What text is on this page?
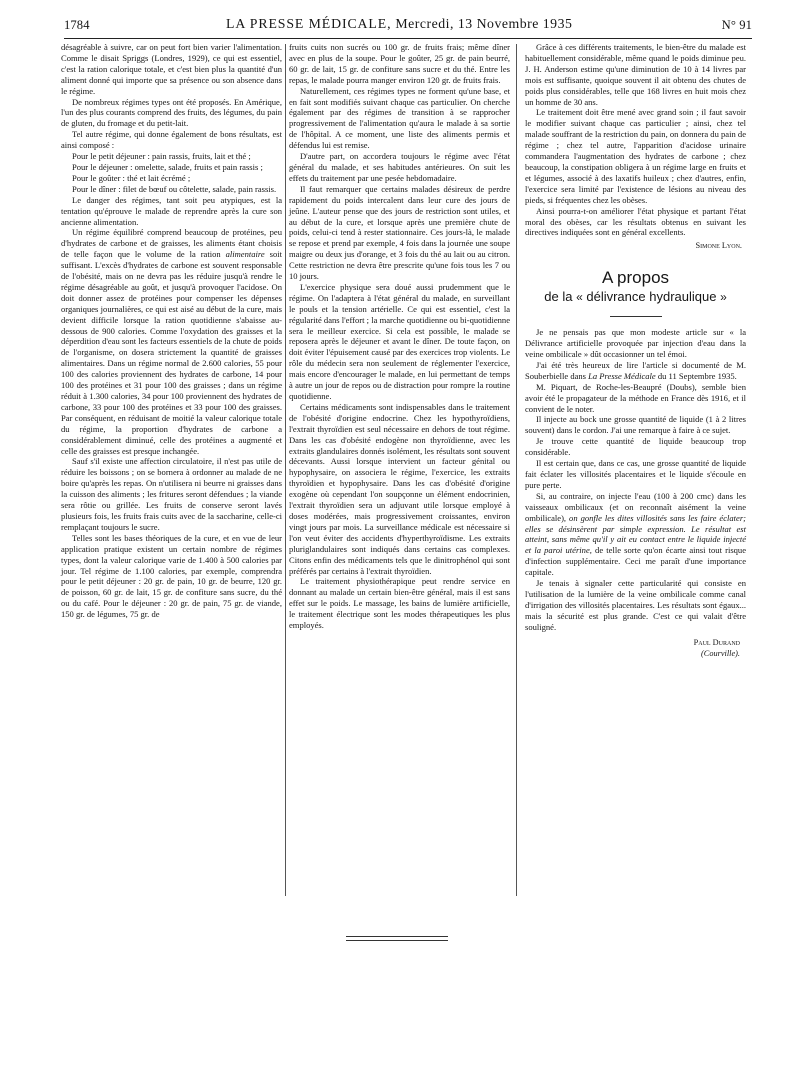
1784	LA PRESSE MÉDICALE, Mercredi, 13 Novembre 1935	N° 91

désagréable à suivre, car on peut fort bien varier l'alimentation. Comme le disait Spriggs (Londres, 1929), ce qui est essentiel, c'est la ration calorique totale, et c'est bien plus la quantité d'un aliment donné qui importe que sa présence ou son absence dans le régime.

De nombreux régimes types ont été proposés. En Amérique, l'un des plus courants comprend des fruits, des légumes, du pain de gluten, du fromage et du petit-lait.

Tel autre régime, qui donne également de bons résultats, est ainsi composé :

Pour le petit déjeuner : pain rassis, fruits, lait et thé ;

Pour le déjeuner : omelette, salade, fruits et pain rassis ;

Pour le goûter : thé et lait écrémé ;

Pour le dîner : filet de bœuf ou côtelette, salade, pain rassis.

Le danger des régimes, tant soit peu atypiques, est la tentation qu'éprouve le malade de reprendre après la cure son ancienne alimentation.

Un régime équilibré comprend beaucoup de protéines, peu d'hydrates de carbone et de graisses, les aliments étant choisis de telle façon que le volume de la ration alimentaire soit suffisant. L'excès d'hydrates de carbone est souvent responsable de l'obésité, mais on ne devra pas les réduire jusqu'à rendre le régime désagréable au goût, et jusqu'à provoquer l'acidose. On doit donner assez de protéines pour compenser les dépenses organiques journalières, ce qui est aisé au début de la cure, mais devient difficile lorsque la ration quotidienne s'abaisse au-dessous de 900 calories. Comme l'oxydation des graisses et la déperdition d'eau sont les facteurs essentiels de la chute de poids de l'organisme, on dosera strictement la quantité de graisses alimentaires. Dans un régime normal de 2.600 calories, 55 pour 100 des calories proviennent des hydrates de carbone, 14 pour 100 des protéines et 31 pour 100 des graisses ; dans un régime réduit à 1.300 calories, 34 pour 100 proviennent des hydrates de carbone, 33 pour 100 des protéines et 33 pour 100 des graisses. Par conséquent, en réduisant de moitié la valeur calorique totale du régime, la proportion d'hydrates de carbone a considérablement diminué, celle des protéines a augmenté et celle des graisses est presque inchangée.

Sauf s'il existe une affection circulatoire, il n'est pas utile de réduire les boissons ; on se bornera à ordonner au malade de ne boire qu'après les repas. On n'utilisera ni beurre ni graisses dans la cuisson des aliments ; les fritures seront défendues ; la viande sera rôtie ou grillée. Les fruits de conserve seront lavés plusieurs fois, les fruits frais cuits avec de la saccharine, celle-ci remplaçant toujours le sucre.

Telles sont les bases théoriques de la cure, et en vue de leur application pratique existent un certain nombre de régimes types, dont la valeur calorique varie de 1.400 à 500 calories par jour. Tel régime de 1.100 calories, par exemple, comprendra pour le petit déjeuner : 20 gr. de pain, 10 gr. de beurre, 120 gr. de poisson, 60 gr. de lait, 15 gr. de confiture sans sucre, du thé ou du café. Pour le déjeuner : 20 gr. de pain, 75 gr. de viande, 150 gr. de légumes, 75 gr. de

fruits cuits non sucrés ou 100 gr. de fruits frais; même dîner avec en plus de la soupe. Pour le goûter, 25 gr. de pain beurré, 60 gr. de lait, 15 gr. de confiture sans sucre et du thé. Entre les repas, le malade pourra manger environ 120 gr. de fruits frais.

Naturellement, ces régimes types ne forment qu'une base, et en fait sont modifiés suivant chaque cas particulier. On cherche également par des régimes de transition à se rapprocher progressivement de l'alimentation qu'aura le malade à sa sortie de l'hôpital. A ce moment, une liste des aliments permis et défendus lui est remise.

D'autre part, on accordera toujours le régime avec l'état général du malade, et ses habitudes antérieures. On suit les effets du traitement par une pesée hebdomadaire.

Il faut remarquer que certains malades désireux de perdre rapidement du poids intercalent dans leur cure des jours de jeûne. L'auteur pense que des jours de restriction sont utiles, et au début de la cure, et lorsque après une première chute de poids, celui-ci tend à rester stationnaire. Ces jours-là, le malade se repose et prend par exemple, 4 fois dans la journée une soupe maigre ou deux jus d'orange, et 3 fois du thé au lait ou au citron. Cette restriction ne devra être prescrite qu'une fois tous les 7 ou 10 jours.

L'exercice physique sera doué aussi prudemment que le régime. On l'adaptera à l'état général du malade, en surveillant le pouls et la tension artérielle. Ce qui est essentiel, c'est la régularité dans l'effort ; la marche quotidienne ou bi-quotidienne sera le meilleur exercice. Si cela est possible, le malade se reposera après le déjeuner et avant le dîner. De toute façon, on doit éviter l'épuisement causé par des exercices trop violents. Le rôle du médecin sera non seulement de réglementer l'exercice, mais encore d'encourager le malade, en lui permettant de temps à autre un jour de repos ou de distraction pour rompre la routine quotidienne.

Certains médicaments sont indispensables dans le traitement de l'obésité d'origine endocrine. Chez les hypothyroïdiens, l'extrait thyroïdien est seul nécessaire en dehors de tout régime. Dans les cas d'obésité endogène non thyroïdienne, avec les extraits glandulaires donnés isolément, les résultats sont souvent décevants. Aussi lorsque intervient un facteur génital ou hypophysaire, on associera le régime, l'exercice, les extraits thyroïdien et hypophysaire. Dans les cas d'obésité d'origine exogène où cependant l'on soupçonne un élément endocrinien, l'extrait thyroïdien sera un adjuvant utile lorsque employé à doses modérées, mais progressivement croissantes, environ vingt jours par mois. La surveillance médicale est nécessaire si l'on veut éviter des accidents d'hyperthyroïdisme. Les extraits pluriglandulaires sont indiqués dans certains cas complexes. Citons enfin des médicaments tels que le dinitrophénol qui sont préférés par certains à l'extrait thyroïdien.

Le traitement physiothérapique peut rendre service en donnant au malade un certain bien-être général, mais il est sans effet sur le poids. Le massage, les bains de lumière artificielle, le traitement électrique sont les modes thérapeutiques les plus employés.

Grâce à ces différents traitements, le bien-être du malade est habituellement considérable, même quand le poids diminue peu. J. H. Anderson estime qu'une diminution de 10 à 14 livres par mois est suffisante, quoique souvent il ait obtenu des chutes de poids plus considérables, telle que 168 livres en huit mois chez un homme de 30 ans.

Le traitement doit être mené avec grand soin ; il faut savoir le modifier suivant chaque cas particulier ; ainsi, chez tel malade souffrant de la restriction du pain, on donnera du pain de régime ; chez tel autre, l'apparition d'acidose urinaire commandera l'augmentation des hydrates de carbone ; chez beaucoup, la constipation obligera à un régime large en fruits et et légumes, associé à des laxatifs huileux ; chez d'autres, enfin, l'exercice sera limité par l'existence de lésions au niveau des pieds, si fréquentes chez les obèses.

Ainsi pourra-t-on améliorer l'état physique et partant l'état moral des obèses, car les résultats obtenus en suivant les directives indiquées sont en général excellents.

Simone Lyon.
A propos
de la « délivrance hydraulique »

Je ne pensais pas que mon modeste article sur « la Délivrance artificielle provoquée par injection d'eau dans la veine ombilicale » dût occasionner un tel émoi.

J'ai été très heureux de lire l'article si documenté de M. Souberbielle dans La Presse Médicale du 11 Septembre 1935.

M. Piquart, de Roche-les-Beaupré (Doubs), semble bien avoir été le propagateur de la méthode en France dès 1916, et il convient de le noter.

Il injecte au bock une grosse quantité de liquide (1 à 2 litres souvent) dans le cordon. J'ai une remarque à faire à ce sujet.

Je trouve cette quantité de liquide beaucoup trop considérable.

Il est certain que, dans ce cas, une grosse quantité de liquide fait éclater les villosités placentaires et le liquide s'écoule en pure perte.

Si, au contraire, on injecte l'eau (100 à 200 cmc) dans les vaisseaux ombilicaux (et on reconnaît aisément la veine ombilicale), on gonfle les dites villosités sans les faire éclater; elles se désinsèrent par simple expression. Le résultat est atteint, sans même qu'il y ait eu contact entre le liquide injecté et la paroi utérine, de telle sorte qu'on écarte ainsi tout risque d'infection supplémentaire. Ceci me paraît d'une importance capitale.

Je tenais à signaler cette particularité qui consiste en l'utilisation de la lumière de la veine ombilicale comme canal d'irrigation des villosités placentaires. Les résultats sont égaux... mais la sécurité est plus grande. C'est ce qui valait d'être souligné.

Paul Durand
(Courville).
